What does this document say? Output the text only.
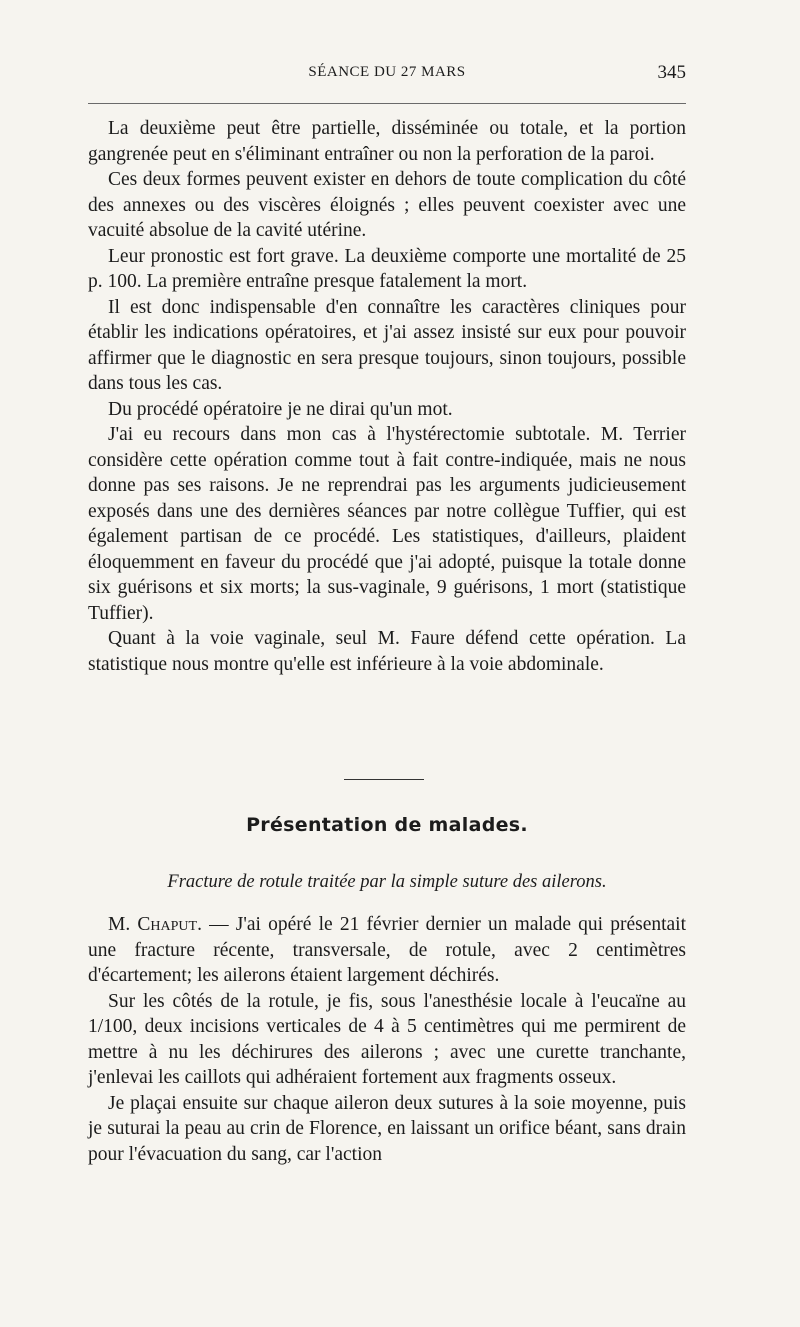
SÉANCE DU 27 MARS	345

La deuxième peut être partielle, disséminée ou totale, et la portion gangrenée peut en s'éliminant entraîner ou non la perforation de la paroi.

Ces deux formes peuvent exister en dehors de toute complication du côté des annexes ou des viscères éloignés ; elles peuvent coexister avec une vacuité absolue de la cavité utérine.

Leur pronostic est fort grave. La deuxième comporte une mortalité de 25 p. 100. La première entraîne presque fatalement la mort.

Il est donc indispensable d'en connaître les caractères cliniques pour établir les indications opératoires, et j'ai assez insisté sur eux pour pouvoir affirmer que le diagnostic en sera presque toujours, sinon toujours, possible dans tous les cas.

Du procédé opératoire je ne dirai qu'un mot.

J'ai eu recours dans mon cas à l'hystérectomie subtotale. M. Terrier considère cette opération comme tout à fait contre-indiquée, mais ne nous donne pas ses raisons. Je ne reprendrai pas les arguments judicieusement exposés dans une des dernières séances par notre collègue Tuffier, qui est également partisan de ce procédé. Les statistiques, d'ailleurs, plaident éloquemment en faveur du procédé que j'ai adopté, puisque la totale donne six guérisons et six morts; la sus-vaginale, 9 guérisons, 1 mort (statistique Tuffier).

Quant à la voie vaginale, seul M. Faure défend cette opération. La statistique nous montre qu'elle est inférieure à la voie abdominale.

Présentation de malades.
Fracture de rotule traitée par la simple suture des ailerons.

M. Chaput. — J'ai opéré le 21 février dernier un malade qui présentait une fracture récente, transversale, de rotule, avec 2 centimètres d'écartement; les ailerons étaient largement déchirés.

Sur les côtés de la rotule, je fis, sous l'anesthésie locale à l'eucaïne au 1/100, deux incisions verticales de 4 à 5 centimètres qui me permirent de mettre à nu les déchirures des ailerons ; avec une curette tranchante, j'enlevai les caillots qui adhéraient fortement aux fragments osseux.

Je plaçai ensuite sur chaque aileron deux sutures à la soie moyenne, puis je suturai la peau au crin de Florence, en laissant un orifice béant, sans drain pour l'évacuation du sang, car l'action
